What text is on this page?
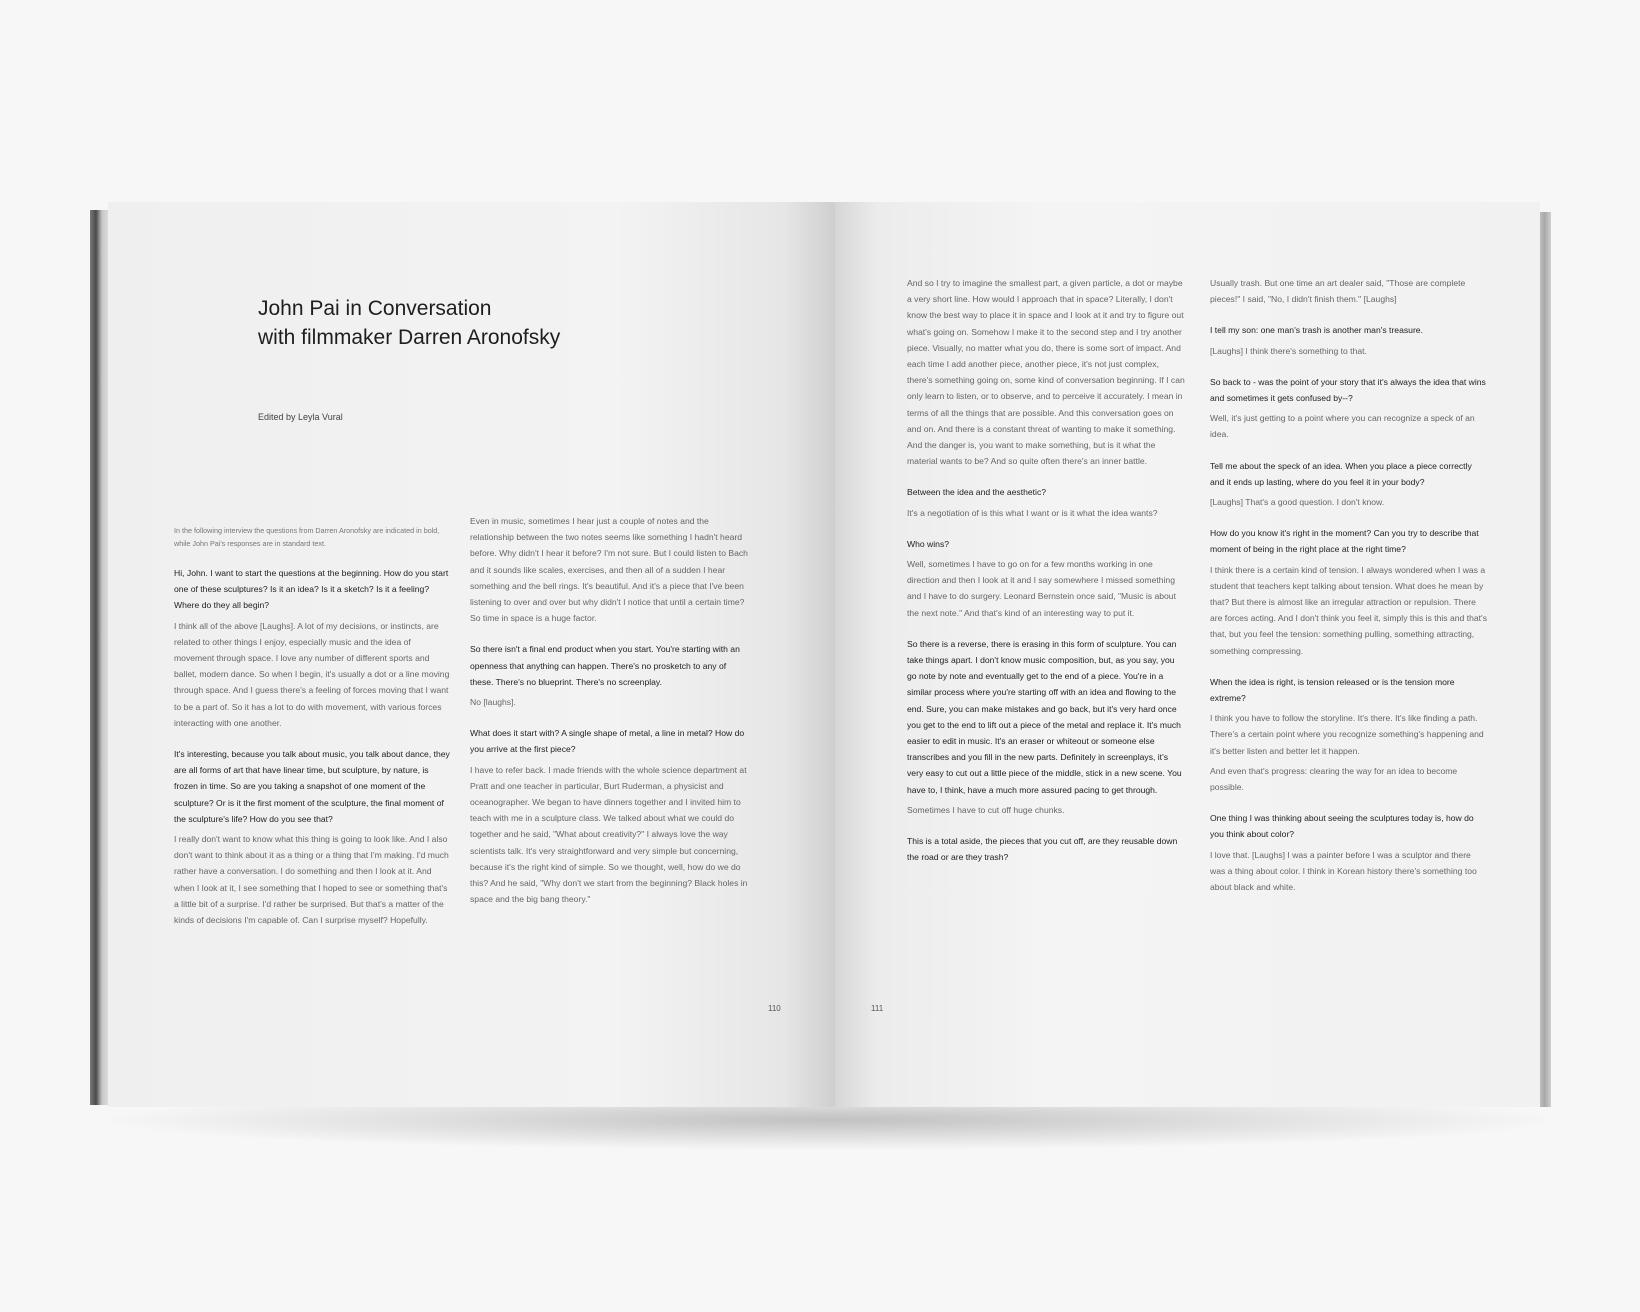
John Pai in Conversation
with filmmaker Darren Aronofsky
Edited by Leyla Vural

In the following interview the questions from Darren Aronofsky are indicated in bold, while John Pai's responses are in standard text.

Hi, John. I want to start the questions at the beginning. How do you start one of these sculptures? Is it an idea? Is it a sketch? Is it a feeling? Where do they all begin?

I think all of the above [Laughs]. A lot of my decisions, or instincts, are related to other things I enjoy, especially music and the idea of movement through space. I love any number of different sports and ballet, modern dance. So when I begin, it's usually a dot or a line moving through space. And I guess there's a feeling of forces moving that I want to be a part of. So it has a lot to do with movement, with various forces interacting with one another.

It's interesting, because you talk about music, you talk about dance, they are all forms of art that have linear time, but sculpture, by nature, is frozen in time. So are you taking a snapshot of one moment of the sculpture? Or is it the first moment of the sculpture, the final moment of the sculpture's life? How do you see that?

I really don't want to know what this thing is going to look like. And I also don't want to think about it as a thing or a thing that I'm making. I'd much rather have a conversation. I do something and then I look at it. And when I look at it, I see something that I hoped to see or something that's a little bit of a surprise. I'd rather be surprised. But that's a matter of the kinds of decisions I'm capable of. Can I surprise myself? Hopefully.

Even in music, sometimes I hear just a couple of notes and the relationship between the two notes seems like something I hadn't heard before. Why didn't I hear it before? I'm not sure. But I could listen to Bach and it sounds like scales, exercises, and then all of a sudden I hear something and the bell rings. It's beautiful. And it's a piece that I've been listening to over and over but why didn't I notice that until a certain time? So time in space is a huge factor.

So there isn't a final end product when you start. You're starting with an openness that anything can happen. There's no prosketch to any of these. There's no blueprint. There's no screenplay.

No [laughs].

What does it start with? A single shape of metal, a line in metal? How do you arrive at the first piece?

I have to refer back. I made friends with the whole science department at Pratt and one teacher in particular, Burt Ruderman, a physicist and oceanographer. We began to have dinners together and I invited him to teach with me in a sculpture class. We talked about what we could do together and he said, "What about creativity?" I always love the way scientists talk. It's very straightforward and very simple but concerning, because it's the right kind of simple. So we thought, well, how do we do this? And he said, "Why don't we start from the beginning? Black holes in space and the big bang theory."

110

And so I try to imagine the smallest part, a given particle, a dot or maybe a very short line. How would I approach that in space? Literally, I don't know the best way to place it in space and I look at it and try to figure out what's going on. Somehow I make it to the second step and I try another piece. Visually, no matter what you do, there is some sort of impact. And each time I add another piece, another piece, it's not just complex, there's something going on, some kind of conversation beginning. If I can only learn to listen, or to observe, and to perceive it accurately. I mean in terms of all the things that are possible. And this conversation goes on and on. And there is a constant threat of wanting to make it something. And the danger is, you want to make something, but is it what the material wants to be? And so quite often there's an inner battle.

Between the idea and the aesthetic?

It's a negotiation of is this what I want or is it what the idea wants?

Who wins?

Well, sometimes I have to go on for a few months working in one direction and then I look at it and I say somewhere I missed something and I have to do surgery. Leonard Bernstein once said, "Music is about the next note." And that's kind of an interesting way to put it.

So there is a reverse, there is erasing in this form of sculpture. You can take things apart. I don't know music composition, but, as you say, you go note by note and eventually get to the end of a piece. You're in a similar process where you're starting off with an idea and flowing to the end. Sure, you can make mistakes and go back, but it's very hard once you get to the end to lift out a piece of the metal and replace it. It's much easier to edit in music. It's an eraser or whiteout or someone else transcribes and you fill in the new parts. Definitely in screenplays, it's very easy to cut out a little piece of the middle, stick in a new scene. You have to, I think, have a much more assured pacing to get through.

Sometimes I have to cut off huge chunks.

This is a total aside, the pieces that you cut off, are they reusable down the road or are they trash?

Usually trash. But one time an art dealer said, "Those are complete pieces!" I said, "No, I didn't finish them." [Laughs]

I tell my son: one man's trash is another man's treasure.

[Laughs] I think there's something to that.

So back to - was the point of your story that it's always the idea that wins and sometimes it gets confused by--?

Well, it's just getting to a point where you can recognize a speck of an idea.

Tell me about the speck of an idea. When you place a piece correctly and it ends up lasting, where do you feel it in your body?

[Laughs] That's a good question. I don't know.

How do you know it's right in the moment? Can you try to describe that moment of being in the right place at the right time?

I think there is a certain kind of tension. I always wondered when I was a student that teachers kept talking about tension. What does he mean by that? But there is almost like an irregular attraction or repulsion. There are forces acting. And I don't think you feel it, simply this is this and that's that, but you feel the tension: something pulling, something attracting, something compressing.

When the idea is right, is tension released or is the tension more extreme?

I think you have to follow the storyline. It's there. It's like finding a path. There's a certain point where you recognize something's happening and it's better listen and better let it happen.

And even that's progress: clearing the way for an idea to become possible.

One thing I was thinking about seeing the sculptures today is, how do you think about color?

I love that. [Laughs] I was a painter before I was a sculptor and there was a thing about color. I think in Korean history there's something too about black and white.

111
